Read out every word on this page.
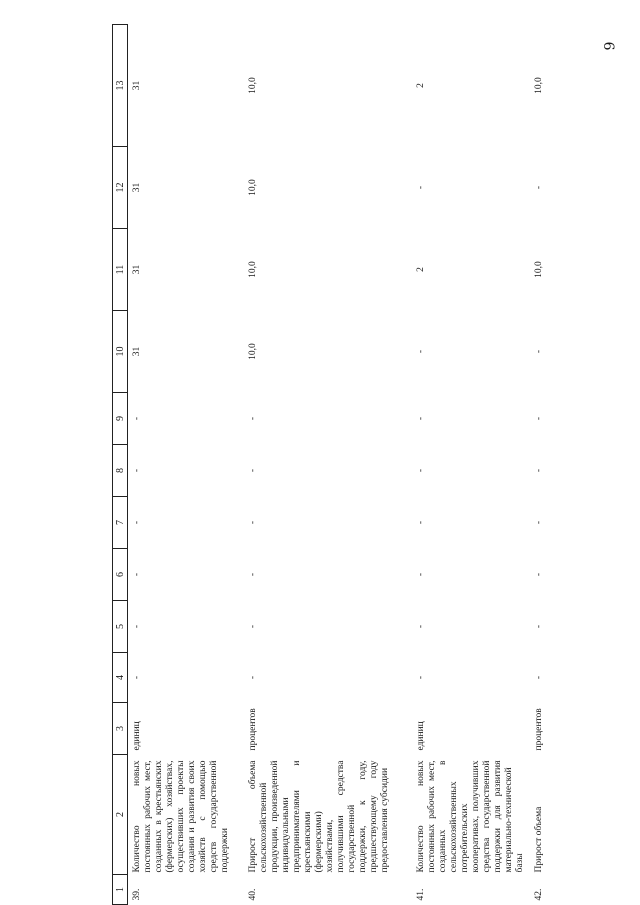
9
1	2	3	4	5	6	7	8	9	10	11	12	13
39.	Количество новых постоянных рабочих мест, созданных в крестьянских (фермерских) хозяйствах, осуществивших проекты создания и развития своих хозяйств с помощью средств государственной поддержки	единиц	-	-	-	-	-	-	31	31	31	31
40.	Прирост объема сельскохозяйственной продукции, произведенной индивидуальными предпринимателями и крестьянскими (фермерскими) хозяйствами, получившими средства государственной поддержки, к году, предшествующему году предоставления субсидии	процентов	-	-	-	-	-	-	10,0	10,0	10,0	10,0
41.	Количество новых постоянных рабочих мест, созданных в сельскохозяйственных потребительских кооперативах, получивших средства государственной поддержки для развития материально-технической базы	единиц	-	-	-	-	-	-	-	2	-	2
42.	Прирост объема	процентов	-	-	-	-	-	-	-	10,0	-	10,0
